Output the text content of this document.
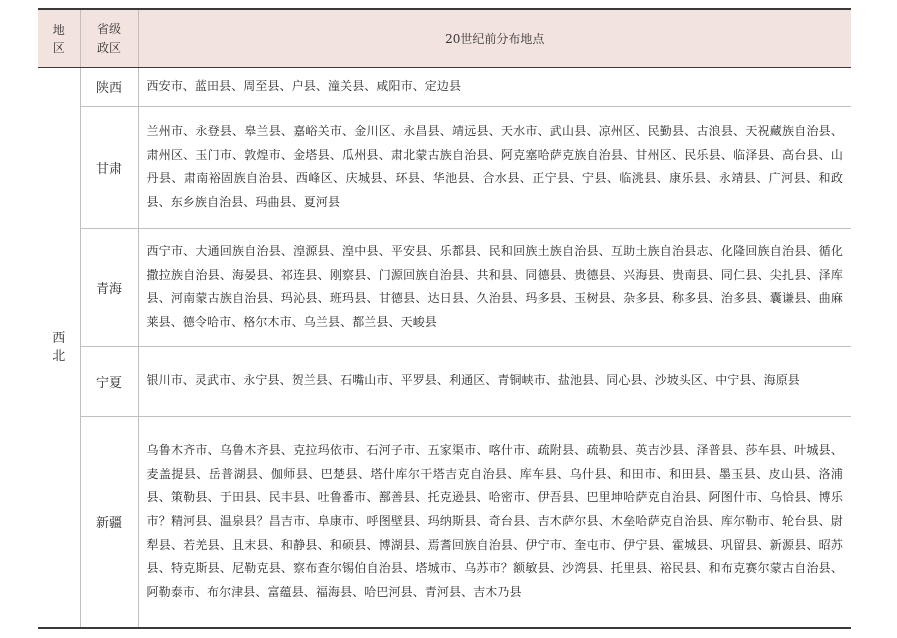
地区	省级政区	20世纪前分布地点
西北	陕西	西安市、蓝田县、周至县、户县、潼关县、咸阳市、定边县
	甘肃	兰州市、永登县、皋兰县、嘉峪关市、金川区、永昌县、靖远县、天水市、武山县、凉州区、民勤县、古浪县、天祝藏族自治县、肃州区、玉门市、敦煌市、金塔县、瓜州县、肃北蒙古族自治县、阿克塞哈萨克族自治县、甘州区、民乐县、临泽县、高台县、山丹县、肃南裕固族自治县、西峰区、庆城县、环县、华池县、合水县、正宁县、宁县、临洮县、康乐县、永靖县、广河县、和政县、东乡族自治县、玛曲县、夏河县
	青海	西宁市、大通回族自治县、湟源县、湟中县、平安县、乐都县、民和回族土族自治县、互助土族自治县志、化隆回族自治县、循化撒拉族自治县、海晏县、祁连县、刚察县、门源回族自治县、共和县、同德县、贵德县、兴海县、贵南县、同仁县、尖扎县、泽库县、河南蒙古族自治县、玛沁县、班玛县、甘德县、达日县、久治县、玛多县、玉树县、杂多县、称多县、治多县、囊谦县、曲麻莱县、德令哈市、格尔木市、乌兰县、都兰县、天峻县
	宁夏	银川市、灵武市、永宁县、贺兰县、石嘴山市、平罗县、利通区、青铜峡市、盐池县、同心县、沙坡头区、中宁县、海原县
	新疆	乌鲁木齐市、乌鲁木齐县、克拉玛依市、石河子市、五家渠市、喀什市、疏附县、疏勒县、英吉沙县、泽普县、莎车县、叶城县、麦盖提县、岳普湖县、伽师县、巴楚县、塔什库尔干塔吉克自治县、库车县、乌什县、和田市、和田县、墨玉县、皮山县、洛浦县、策勒县、于田县、民丰县、吐鲁番市、鄯善县、托克逊县、哈密市、伊吾县、巴里坤哈萨克自治县、阿图什市、乌恰县、博乐市？精河县、温泉县？昌吉市、阜康市、呼图壁县、玛纳斯县、奇台县、吉木萨尔县、木垒哈萨克自治县、库尔勒市、轮台县、尉犁县、若羌县、且末县、和静县、和硕县、博湖县、焉耆回族自治县、伊宁市、奎屯市、伊宁县、霍城县、巩留县、新源县、昭苏县、特克斯县、尼勒克县、察布查尔锡伯自治县、塔城市、乌苏市？额敏县、沙湾县、托里县、裕民县、和布克赛尔蒙古自治县、阿勒泰市、布尔津县、富蕴县、福海县、哈巴河县、青河县、吉木乃县
